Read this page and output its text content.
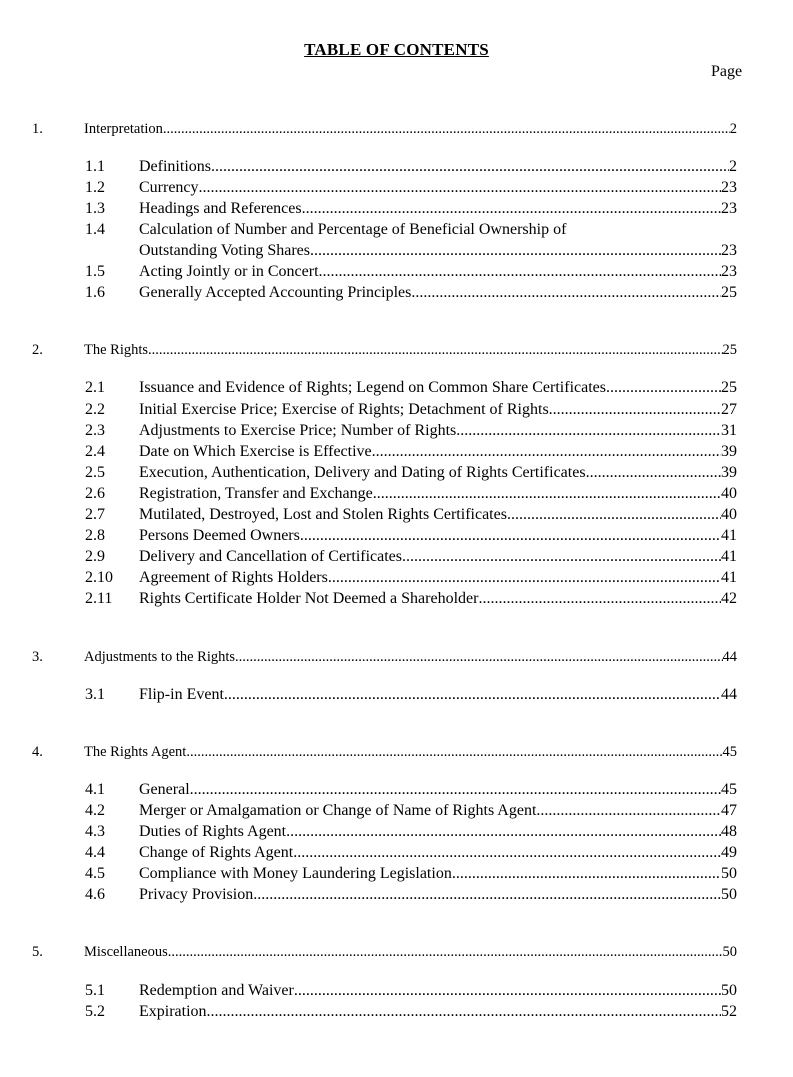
TABLE OF CONTENTS
Page
1.	Interpretation .....	2
1.1 Definitions .....	2
1.2 Currency .....	23
1.3 Headings and References .....	23
1.4 Calculation of Number and Percentage of Beneficial Ownership of
Outstanding Voting Shares .....	23
1.5 Acting Jointly or in Concert .....	23
1.6 Generally Accepted Accounting Principles .....	25
2.	The Rights .....	25
2.1 Issuance and Evidence of Rights; Legend on Common Share Certificates .....	25
2.2 Initial Exercise Price; Exercise of Rights; Detachment of Rights .....	27
2.3 Adjustments to Exercise Price; Number of Rights .....	31
2.4 Date on Which Exercise is Effective .....	39
2.5 Execution, Authentication, Delivery and Dating of Rights Certificates .....	39
2.6 Registration, Transfer and Exchange .....	40
2.7 Mutilated, Destroyed, Lost and Stolen Rights Certificates .....	40
2.8 Persons Deemed Owners .....	41
2.9 Delivery and Cancellation of Certificates .....	41
2.10 Agreement of Rights Holders .....	41
2.11 Rights Certificate Holder Not Deemed a Shareholder .....	42
3.	Adjustments to the Rights .....	44
3.1 Flip-in Event .....	44
4.	The Rights Agent .....	45
4.1 General .....	45
4.2 Merger or Amalgamation or Change of Name of Rights Agent .....	47
4.3 Duties of Rights Agent .....	48
4.4 Change of Rights Agent .....	49
4.5 Compliance with Money Laundering Legislation .....	50
4.6 Privacy Provision .....	50
5.	Miscellaneous .....	50
5.1 Redemption and Waiver .....	50
5.2 Expiration .....	52
